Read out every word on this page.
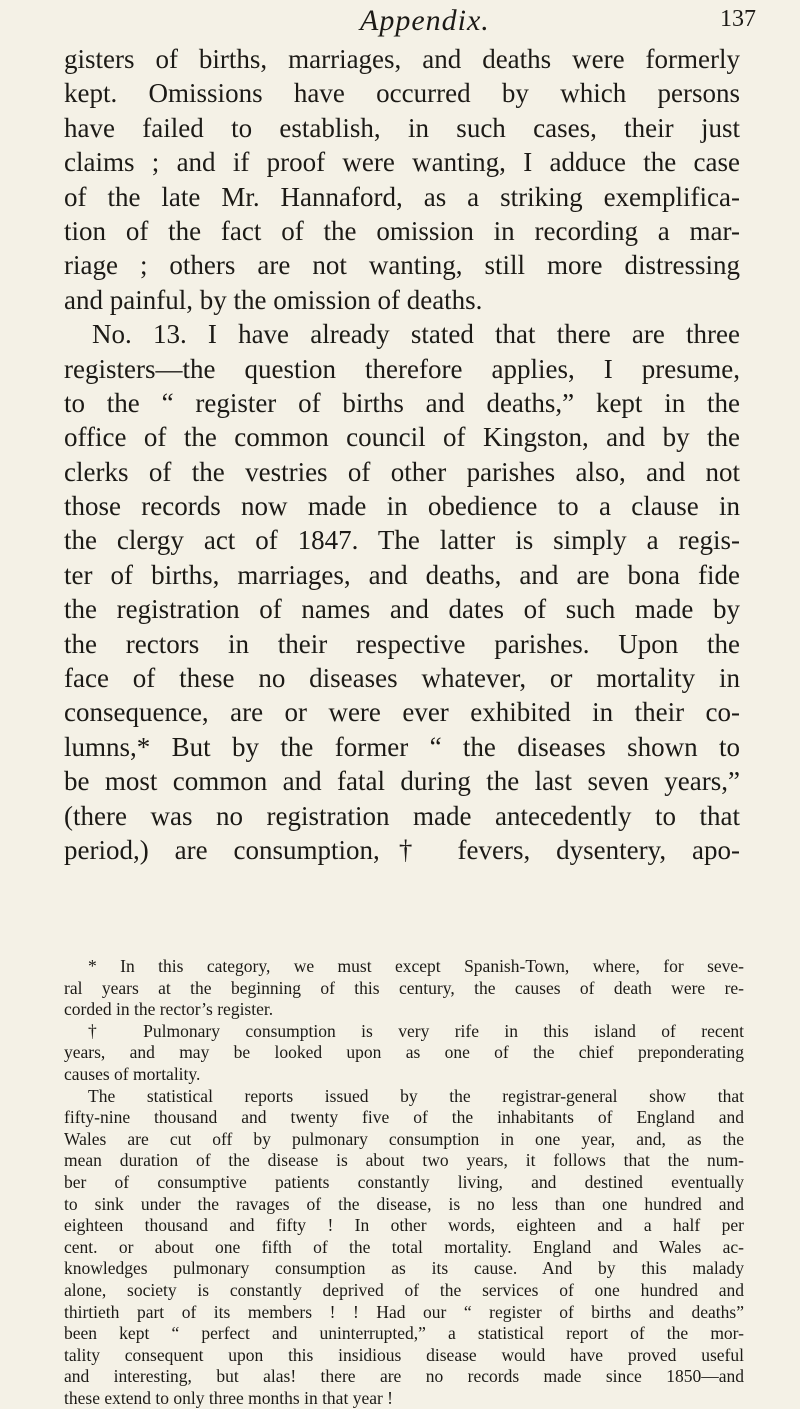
Appendix.	137
gisters of births, marriages, and deaths were formerly
kept. Omissions have occurred by which persons
have failed to establish, in such cases, their just
claims ; and if proof were wanting, I adduce the case
of the late Mr. Hannaford, as a striking exemplifica-
tion of the fact of the omission in recording a mar-
riage ; others are not wanting, still more distressing
and painful, by the omission of deaths.
No. 13. I have already stated that there are three
registers—the question therefore applies, I presume,
to the “ register of births and deaths,” kept in the
office of the common council of Kingston, and by the
clerks of the vestries of other parishes also, and not
those records now made in obedience to a clause in
the clergy act of 1847. The latter is simply a regis-
ter of births, marriages, and deaths, and are bona fide
the registration of names and dates of such made by
the rectors in their respective parishes. Upon the
face of these no diseases whatever, or mortality in
consequence, are or were ever exhibited in their co-
lumns,* But by the former “ the diseases shown to
be most common and fatal during the last seven years,”
(there was no registration made antecedently to that
period,) are consumption,† fevers, dysentery, apo-
* In this category, we must except Spanish-Town, where, for seve-
ral years at the beginning of this century, the causes of death were re-
corded in the rector’s register.
† Pulmonary consumption is very rife in this island of recent
years, and may be looked upon as one of the chief preponderating
causes of mortality.
The statistical reports issued by the registrar-general show that
fifty-nine thousand and twenty five of the inhabitants of England and
Wales are cut off by pulmonary consumption in one year, and, as the
mean duration of the disease is about two years, it follows that the num-
ber of consumptive patients constantly living, and destined eventually
to sink under the ravages of the disease, is no less than one hundred and
eighteen thousand and fifty ! In other words, eighteen and a half per
cent. or about one fifth of the total mortality. England and Wales ac-
knowledges pulmonary consumption as its cause. And by this malady
alone, society is constantly deprived of the services of one hundred and
thirtieth part of its members ! ! Had our “ register of births and deaths”
been kept “ perfect and uninterrupted,” a statistical report of the mor-
tality consequent upon this insidious disease would have proved useful
and interesting, but alas! there are no records made since 1850—and
these extend to only three months in that year !
